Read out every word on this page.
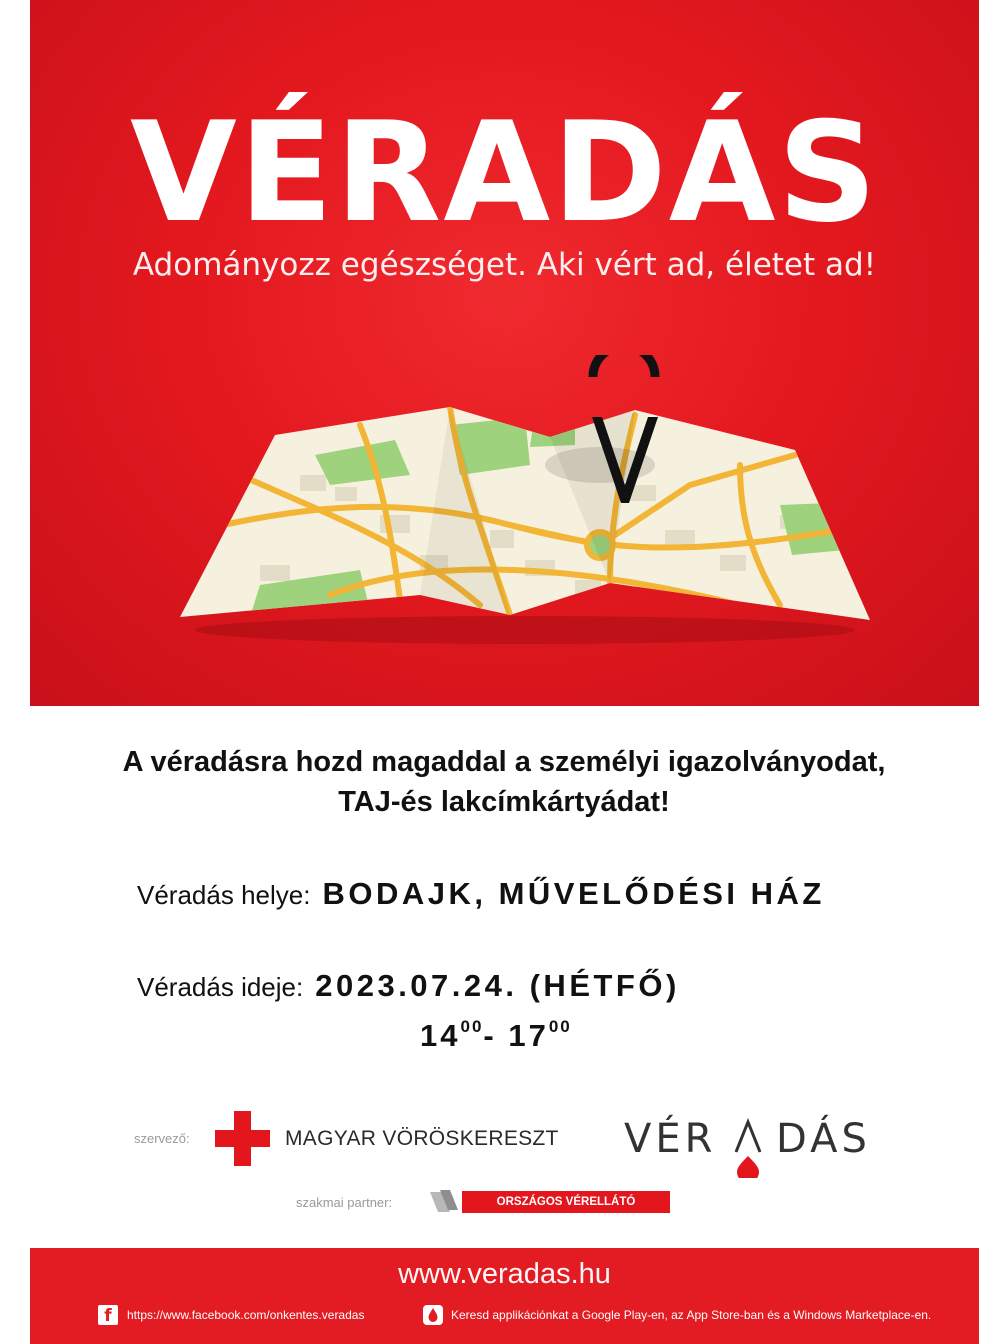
VÉRADÁS
Adományozz egészséget. Aki vért ad, életet ad!
A véradásra hozd magaddal a személyi igazolványodat,
TAJ-és lakcímkártyádat!
Véradás helye: BODAJK, MŰVELŐDÉSI HÁZ
Véradás ideje: 2023.07.24. (HÉTFŐ)
$14^{00}-$ $17^{00}$
szervező:	MAGYAR VÖRÖSKERESZT VÉR DÁS
szakmai partner:	ORSZÁGOS VÉRELLÁTÓ SZOLGÁLAT
www.veradas.hu
f	https://www.facebook.com/onkentes.veradas	Keresd applikációnkat a Google Play-en, az App Store-ban és a Windows Marketplace-en.
